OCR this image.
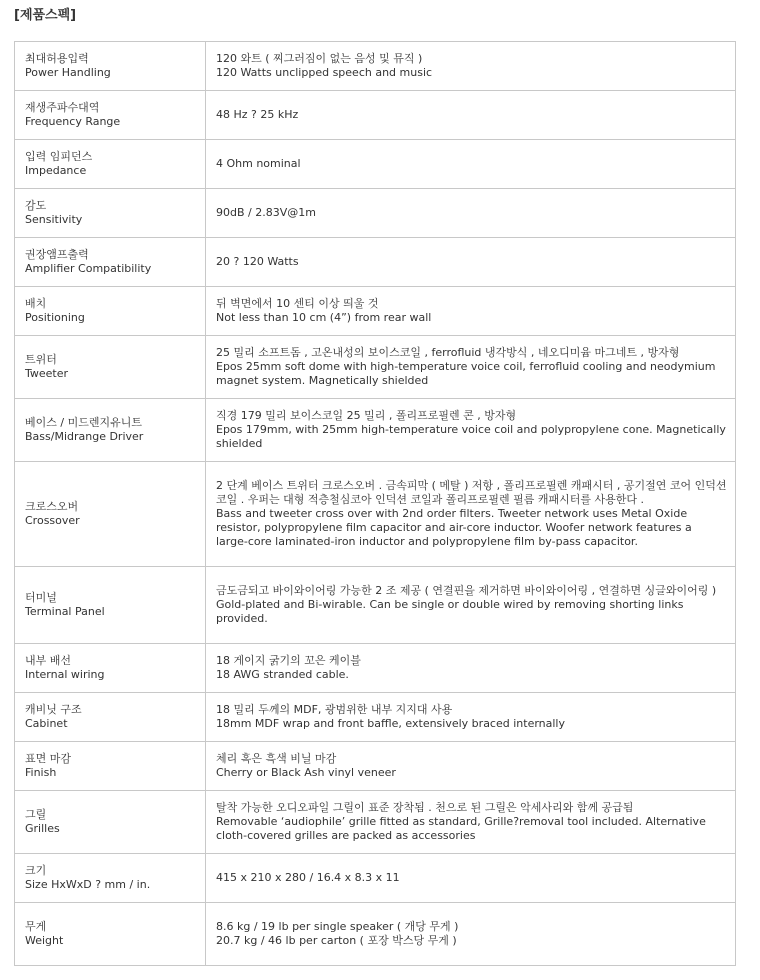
[제품스펙]
최대허용입력
Power Handling	120 와트 ( 찌그러짐이 없는 음성 및 뮤직 )
120 Watts unclipped speech and music

재생주파수대역
Frequency Range	48 Hz ? 25 kHz

입력 임피던스
Impedance	4 Ohm nominal

감도
Sensitivity	90dB / 2.83V@1m

권장앰프출력
Amplifier Compatibility	20 ? 120 Watts

배치
Positioning	뒤 벽면에서 10 센티 이상 띄울 것
Not less than 10 cm (4”) from rear wall

트위터
Tweeter	25 밀리 소프트돔 , 고온내성의 보이스코일 , ferrofluid 냉각방식 , 네오디미윰 마그네트 , 방자형
Epos 25mm soft dome with high-temperature voice coil, ferrofluid cooling and neodymium magnet system. Magnetically shielded

베이스 / 미드렌지유니트
Bass/Midrange Driver	직경 179 밀리 보이스코일 25 밀리 , 폴리프로필렌 콘 , 방자형
Epos 179mm, with 25mm high-temperature voice coil and polypropylene cone. Magnetically shielded

크로스오버
Crossover	2 단계 베이스 트위터 크로스오버 . 금속피막 ( 메탈 ) 저항 , 폴리프로필렌 캐패시터 , 공기절연 코어 인덕션코일 . 우퍼는 대형 적층철심코아 인덕션 코일과 폴리프로필렌 필름 캐패시터를 사용한다 .
Bass and tweeter cross over with 2nd order filters. Tweeter network uses Metal Oxide resistor, polypropylene film capacitor and air-core inductor. Woofer network features a large-core laminated-iron inductor and polypropylene film by-pass capacitor.

터미널
Terminal Panel	금도금되고 바이와이어링 가능한 2 조 제공 ( 연결핀을 제거하면 바이와이어링 , 연결하면 싱글와이어링 )
Gold-plated and Bi-wirable. Can be single or double wired by removing shorting links provided.

내부 배선
Internal wiring	18 게이지 굵기의 꼬은 케이블
18 AWG stranded cable.

캐비닛 구조
Cabinet	18 밀리 두께의 MDF, 광범위한 내부 지지대 사용
18mm MDF wrap and front baffle, extensively braced internally

표면 마감
Finish	체리 혹은 흑색 비닐 마감
Cherry or Black Ash vinyl veneer

그릴
Grilles	탈착 가능한 오디오파일 그릴이 표준 장착됨 . 천으로 된 그릴은 악세사리와 함께 공급됨
Removable ‘audiophile’ grille fitted as standard, Grille?removal tool included. Alternative cloth-covered grilles are packed as accessories

크기
Size HxWxD ? mm / in.	415 x 210 x 280 / 16.4 x 8.3 x 11

무게
Weight	8.6 kg / 19 lb per single speaker ( 개당 무게 )
20.7 kg / 46 lb per carton ( 포장 박스당 무게 )
